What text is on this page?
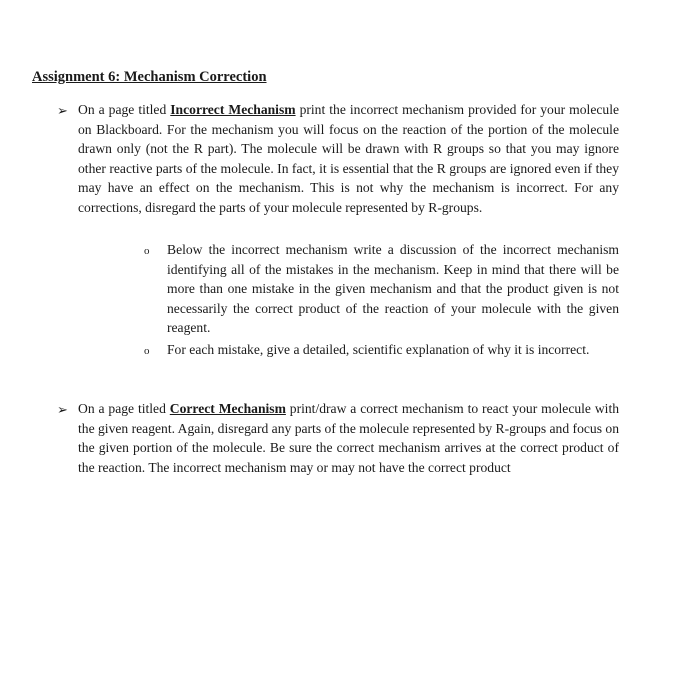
Assignment 6: Mechanism Correction
➢ On a page titled Incorrect Mechanism print the incorrect mechanism provided for your molecule on Blackboard. For the mechanism you will focus on the reaction of the portion of the molecule drawn only (not the R part). The molecule will be drawn with R groups so that you may ignore other reactive parts of the molecule. In fact, it is essential that the R groups are ignored even if they may have an effect on the mechanism. This is not why the mechanism is incorrect. For any corrections, disregard the parts of your molecule represented by R-groups.
o Below the incorrect mechanism write a discussion of the incorrect mechanism identifying all of the mistakes in the mechanism. Keep in mind that there will be more than one mistake in the given mechanism and that the product given is not necessarily the correct product of the reaction of your molecule with the given reagent.
o For each mistake, give a detailed, scientific explanation of why it is incorrect.
➢ On a page titled Correct Mechanism print/draw a correct mechanism to react your molecule with the given reagent. Again, disregard any parts of the molecule represented by R-groups and focus on the given portion of the molecule. Be sure the correct mechanism arrives at the correct product of the reaction. The incorrect mechanism may or may not have the correct product
